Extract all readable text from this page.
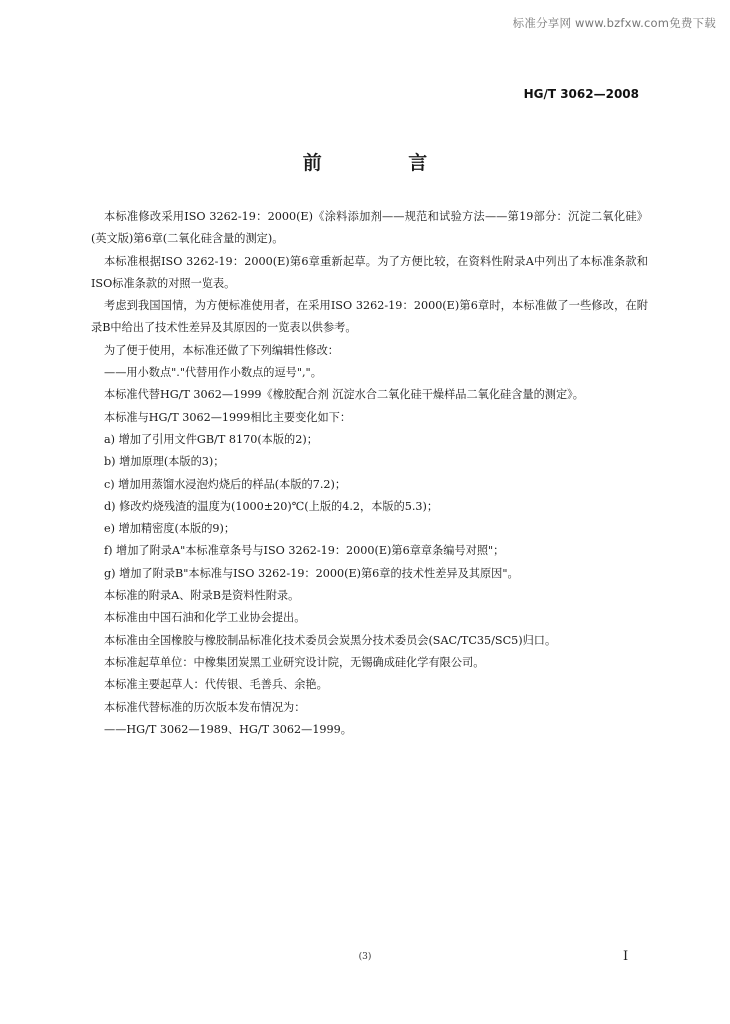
标准分享网 www.bzfxw.com免费下载
HG/T 3062—2008
前 言

本标准修改采用ISO 3262-19：2000(E)《涂料添加剂——规范和试验方法——第19部分：沉淀二氧化硅》(英文版)第6章(二氧化硅含量的测定)。

本标准根据ISO 3262-19：2000(E)第6章重新起草。为了方便比较，在资料性附录A中列出了本标准条款和ISO标准条款的对照一览表。

考虑到我国国情，为方便标准使用者，在采用ISO 3262-19：2000(E)第6章时，本标准做了一些修改，在附录B中给出了技术性差异及其原因的一览表以供参考。

为了便于使用，本标准还做了下列编辑性修改：

——用小数点"."代替用作小数点的逗号","。

本标准代替HG/T 3062—1999《橡胶配合剂 沉淀水合二氧化硅干燥样品二氧化硅含量的测定》。

本标准与HG/T 3062—1999相比主要变化如下：

a) 增加了引用文件GB/T 8170(本版的2)；

b) 增加原理(本版的3)；

c) 增加用蒸馏水浸泡灼烧后的样品(本版的7.2)；

d) 修改灼烧残渣的温度为(1000±20)℃(上版的4.2，本版的5.3)；

e) 增加精密度(本版的9)；

f) 增加了附录A"本标准章条号与ISO 3262-19：2000(E)第6章章条编号对照"；

g) 增加了附录B"本标准与ISO 3262-19：2000(E)第6章的技术性差异及其原因"。

本标准的附录A、附录B是资料性附录。

本标准由中国石油和化学工业协会提出。

本标准由全国橡胶与橡胶制品标准化技术委员会炭黑分技术委员会(SAC/TC35/SC5)归口。

本标准起草单位：中橡集团炭黑工业研究设计院，无锡确成硅化学有限公司。

本标准主要起草人：代传银、毛善兵、余艳。

本标准代替标准的历次版本发布情况为：

——HG/T 3062—1989、HG/T 3062—1999。

(3)	I
